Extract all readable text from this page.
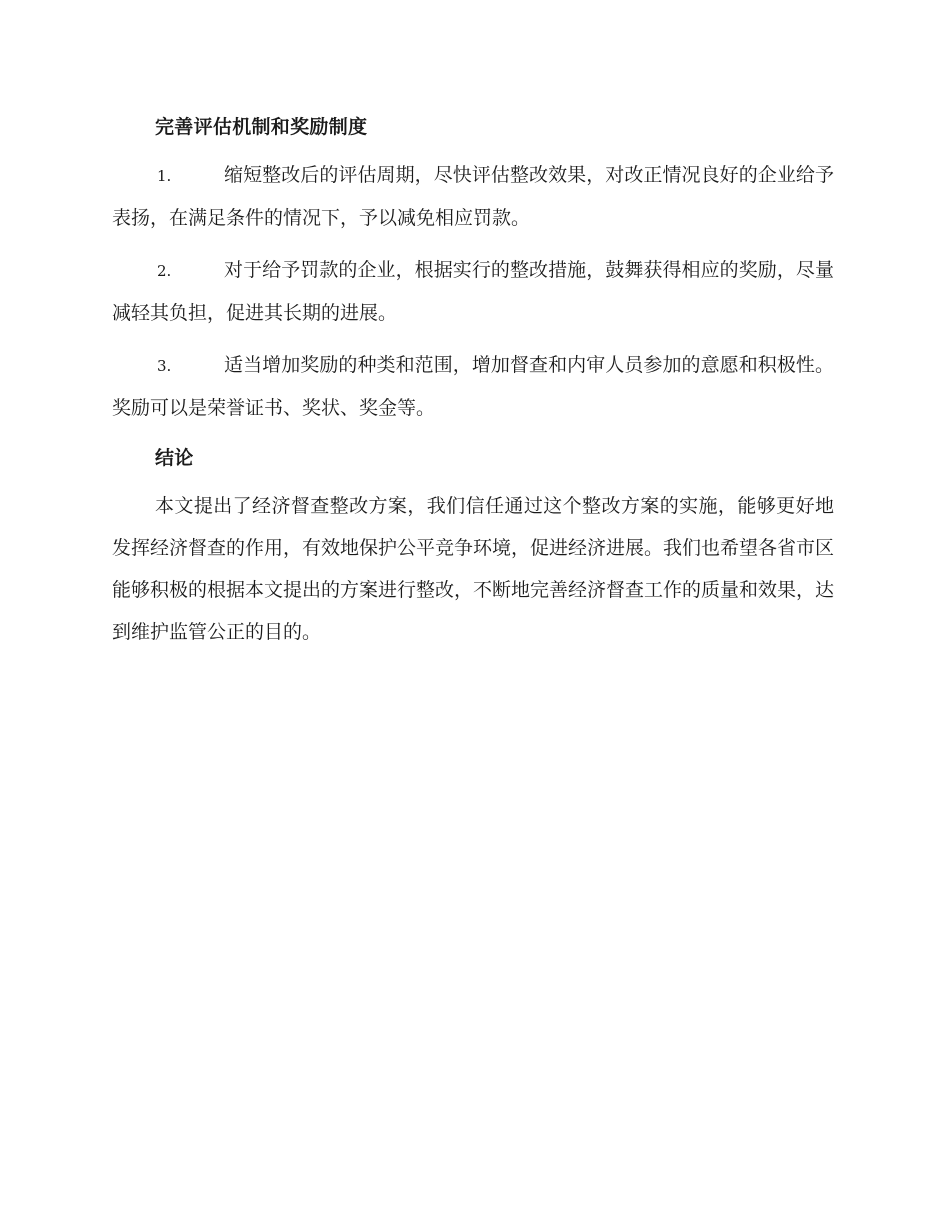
完善评估机制和奖励制度
1.	缩短整改后的评估周期，尽快评估整改效果，对改正情况良好的企业给予表扬，在满足条件的情况下，予以减免相应罚款。
2.	对于给予罚款的企业，根据实行的整改措施，鼓舞获得相应的奖励，尽量减轻其负担，促进其长期的进展。
3.	适当增加奖励的种类和范围，增加督查和内审人员参加的意愿和积极性。奖励可以是荣誉证书、奖状、奖金等。
结论

本文提出了经济督查整改方案，我们信任通过这个整改方案的实施，能够更好地发挥经济督查的作用，有效地保护公平竞争环境，促进经济进展。我们也希望各省市区能够积极的根据本文提出的方案进行整改，不断地完善经济督查工作的质量和效果，达到维护监管公正的目的。
